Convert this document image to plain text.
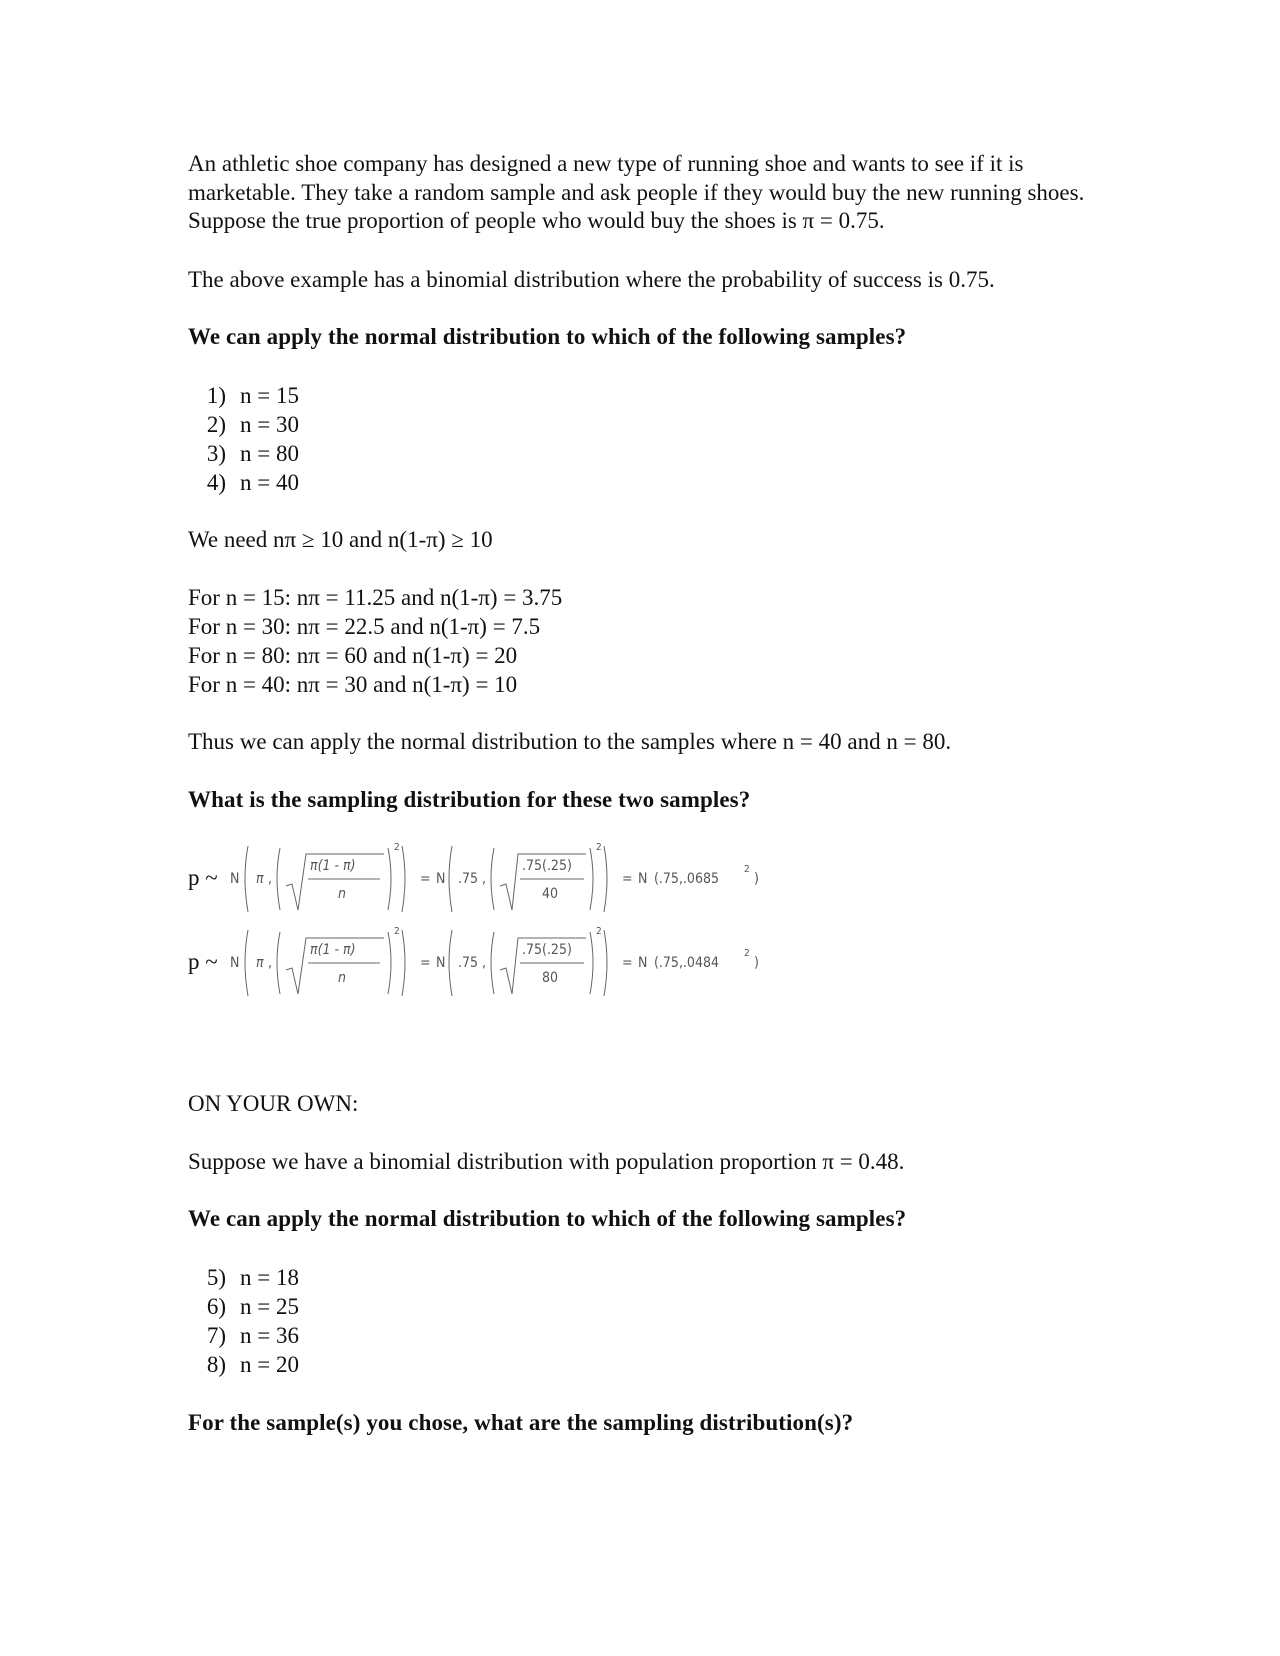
An athletic shoe company has designed a new type of running shoe and wants to see if it is marketable. They take a random sample and ask people if they would buy the new running shoes. Suppose the true proportion of people who would buy the shoes is π = 0.75.

The above example has a binomial distribution where the probability of success is 0.75.

We can apply the normal distribution to which of the following samples?

1) n = 15
2) n = 30
3) n = 80
4) n = 40

We need nπ ≥ 10 and n(1-π) ≥ 10

For n = 15: nπ = 11.25 and n(1-π) = 3.75
For n = 30: nπ = 22.5 and n(1-π) = 7.5
For n = 80: nπ = 60 and n(1-π) = 20
For n = 40: nπ = 30 and n(1-π) = 10

Thus we can apply the normal distribution to the samples where n = 40 and n = 80.

What is the sampling distribution for these two samples?

p ~ N π ,
π(1 - π)
n
2
= N .75 ,
.75(.25)
40
2
= N (.75,.0685
2
)
p ~ N π ,
π(1 - π)
n
2
= N .75 ,
.75(.25)
80
2
= N (.75,.0484
2
)

ON YOUR OWN:

Suppose we have a binomial distribution with population proportion π = 0.48.

We can apply the normal distribution to which of the following samples?

5) n = 18
6) n = 25
7) n = 36
8) n = 20

For the sample(s) you chose, what are the sampling distribution(s)?
